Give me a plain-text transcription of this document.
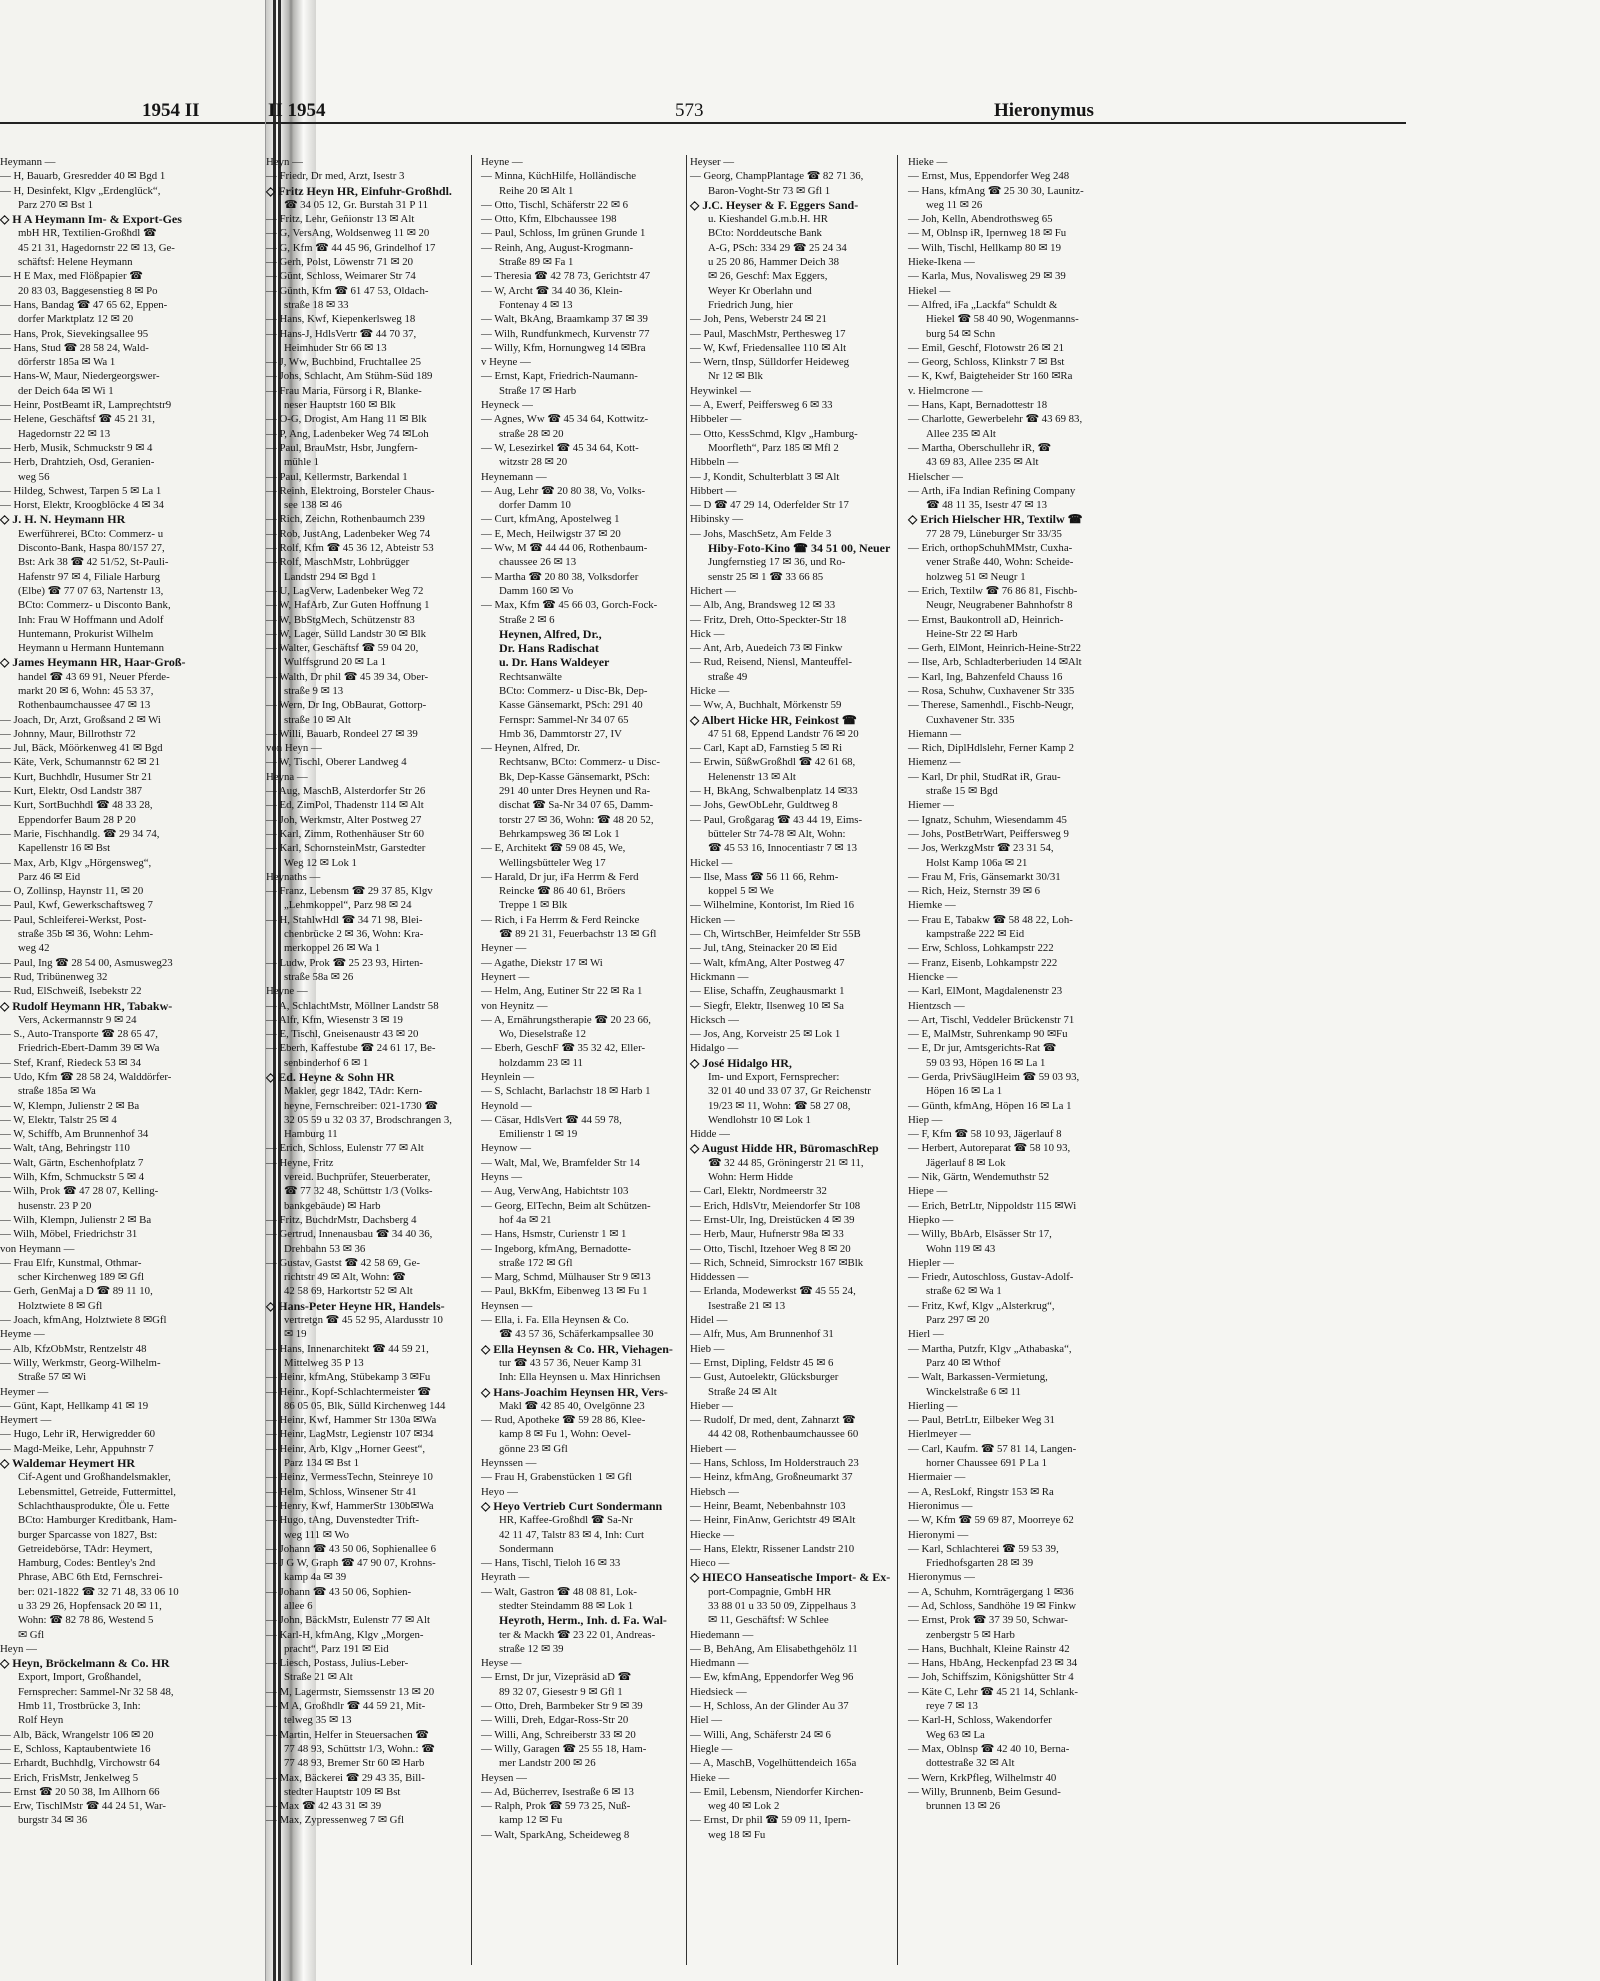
1954 II
Heymann —
— H, Bauarb, Gresredder 40 ✉ Bgd 1
— H, Desinfekt, Klgv „Erdenglück“,
Parz 270 ✉ Bst 1
◇ H A Heymann Im- & Export-Ges
mbH HR, Textilien-Großhdl ☎
45 21 31, Hagedornstr 22 ✉ 13, Ge-
schäftsf: Helene Heymann
— H E Max, med Flößpapier ☎
20 83 03, Baggesenstieg 8 ✉ Po
— Hans, Bandag ☎ 47 65 62, Eppen-
dorfer Marktplatz 12 ✉ 20
— Hans, Prok, Sievekingsallee 95
— Hans, Stud ☎ 28 58 24, Wald-
dörferstr 185a ✉ Wa 1
— Hans-W, Maur, Niedergeorgswer-
der Deich 64a ✉ Wi 1
— Heinr, PostBeamt iR, Lampre̦chtstr9
— Helene, Geschäftsf ☎ 45 21 31,
Hagedornstr 22 ✉ 13
— Herb, Musik, Schmuckstr 9 ✉ 4
— Herb, Drahtzieh, Osd, Geranien-
weg 56
— Hildeg, Schwest, Tarpen 5 ✉ La 1
— Horst, Elektr, Kroogblöcke 4 ✉ 34
◇ J. H. N. Heymann HR
Ewerführerei, BCto: Commerz- u
Disconto-Bank, Haspa 80/157 27,
Bst: Ark 38 ☎ 42 51/52, St-Pauli-
Hafenstr 97 ✉ 4, Filiale Harburg
(Elbe) ☎ 77 07 63, Nartenstr 13,
BCto: Commerz- u Disconto Bank,
Inh: Frau W Hoffmann und Adolf
Huntemann, Prokurist Wilhelm
Heymann u Hermann Huntemann
◇ James Heymann HR, Haar-Groß-
handel ☎ 43 69 91, Neuer Pferde-
markt 20 ✉ 6, Wohn: 45 53 37,
Rothenbaumchaussee 47 ✉ 13
— Joach, Dr, Arzt, Großsand 2 ✉ Wi
— Johnny, Maur, Billrothstr 72
— Jul, Bäck, Möörkenweg 41 ✉ Bgd
— Käte, Verk, Schumannstr 62 ✉ 21
— Kurt, Buchhdlr, Husumer Str 21
— Kurt, Elektr, Osd Landstr 387
— Kurt, SortBuchhdl ☎ 48 33 28,
Eppendorfer Baum 28 P 20
— Marie, Fischhandlg. ☎ 29 34 74,
Kapellenstr 16 ✉ Bst
— Max, Arb, Klgv „Hörgensweg“,
Parz 46 ✉ Eid
— O, Zollinsp, Haynstr 11, ✉ 20
— Paul, Kwf, Gewerkschaftsweg 7
— Paul, Schleiferei-Werkst, Post-
straße 35b ✉ 36, Wohn: Lehm-
weg 42
— Paul, Ing ☎ 28 54 00, Asmusweg23
— Rud, Tribünenweg 32
— Rud, ElSchweiß, Isebekstr 22
◇ Rudolf Heymann HR, Tabakw-
Vers, Ackermannstr 9 ✉ 24
— S., Auto-Transporte ☎ 28 65 47,
Friedrich-Ebert-Damm 39 ✉ Wa
— Stef, Kranf, Riedeck 53 ✉ 34
— Udo, Kfm ☎ 28 58 24, Walddörfer-
straße 185a ✉ Wa
— W, Klempn, Julienstr 2 ✉ Ba
— W, Elektr, Talstr 25 ✉ 4
— W, Schiffb, Am Brunnenhof 34
— Walt, tAng, Behringstr 110
— Walt, Gärtn, Eschenhofplatz 7
— Wilh, Kfm, Schmuckstr 5 ✉ 4
— Wilh, Prok ☎ 47 28 07, Kelling-
husenstr. 23 P 20
— Wilh, Klempn, Julienstr 2 ✉ Ba
— Wilh, Möbel, Friedrichstr 31
von Heymann —
— Frau Elfr, Kunstmal, Othmar-
scher Kirchenweg 189 ✉ Gfl
— Gerh, GenMaj a D ☎ 89 11 10,
Holztwiete 8 ✉ Gfl
— Joach, kfmAng, Holztwiete 8 ✉Gfl
Heyme —
— Alb, KfzObMstr, Rentzelstr 48
— Willy, Werkmstr, Georg-Wilhelm-
Straße 57 ✉ Wi
Heymer —
— Günt, Kapt, Hellkamp 41 ✉ 19
Heymert —
— Hugo, Lehr iR, Herwigredder 60
— Magd-Meike, Lehr, Appuhnstr 7
◇ Waldemar Heymert HR
Cif-Agent und Großhandelsmakler,
Lebensmittel, Getreide, Futtermittel,
Schlachthausprodukte, Öle u. Fette
BCto: Hamburger Kreditbank, Ham-
burger Sparcasse von 1827, Bst:
Getreidebörse, TAdr: Heymert,
Hamburg, Codes: Bentley's 2nd
Phrase, ABC 6th Etd, Fernschrei-
ber: 021-1822 ☎ 32 71 48, 33 06 10
u 33 29 26, Hopfensack 20 ✉ 11,
Wohn: ☎ 82 78 86, Westend 5
✉ Gfl
Heyn —
◇ Heyn, Bröckelmann & Co. HR
Export, Import, Großhandel,
Fernsprecher: Sammel-Nr 32 58 48,
Hmb 11, Trostbrücke 3, Inh:
Rolf Heyn
— Alb, Bäck, Wrangelstr 106 ✉ 20
— E, Schloss, Kaptaubentwiete 16
— Erhardt, Buchhdlg, Virchowstr 64
— Erich, FrisMstr, Jenkelweg 5
— Ernst ☎ 20 50 38, Im Allhorn 66
— Erw, TischlMstr ☎ 44 24 51, War-
burgstr 34 ✉ 36
II 1954	573	Hieronymus
Heyn —
— Friedr, Dr med, Arzt, Isestr 3
◇ Fritz Heyn HR, Einfuhr-Großhdl.
☎ 34 05 12, Gr. Burstah 31 P 11
— Fritz, Lehr, Geñionstr 13 ✉ Alt
— G, VersAng, Woldsenweg 11 ✉ 20
— G, Kfm ☎ 44 45 96, Grindelhof 17
— Gerh, Polst, Löwenstr 71 ✉ 20
— Günt, Schloss, Weimarer Str 74
— Günth, Kfm ☎ 61 47 53, Oldach-
straße 18 ✉ 33
— Hans, Kwf, Kiepenkerlsweg 18
— Hans-J, HdlsVertr ☎ 44 70 37,
Heimhuder Str 66 ✉ 13
— J, Ww, Buchbind, Fruchtallee 25
— Johs, Schlacht, Am Stühm-Süd 189
— Frau Maria, Fürsorg i R, Blanke-
neser Hauptstr 160 ✉ Blk
— O-G, Drogist, Am Hang 11 ✉ Blk
— P, Ang, Ladenbeker Weg 74 ✉Loh
— Paul, BrauMstr, Hsbr, Jungfern-
mühle 1
— Paul, Kellermstr, Barkendal 1
— Reinh, Elektroing, Borsteler Chaus-
see 138 ✉ 46
— Rich, Zeichn, Rothenbaumch 239
— Rob, JustAng, Ladenbeker Weg 74
— Rolf, Kfm ☎ 45 36 12, Abteistr 53
— Rolf, MaschMstr, Lohbrügger
Landstr 294 ✉ Bgd 1
— U, LagVerw, Ladenbeker Weg 72
— W, HafArb, Zur Guten Hoffnung 1
— W, BbStgMech, Schützenstr 83
— W, Lager, Sülld Landstr 30 ✉ Blk
— Walter, Geschäftsf ☎ 59 04 20,
Wulffsgrund 20 ✉ La 1
— Walth, Dr phil ☎ 45 39 34, Ober-
straße 9 ✉ 13
— Wern, Dr Ing, ObBaurat, Gottorp-
straße 10 ✉ Alt
— Willi, Bauarb, Rondeel 27 ✉ 39
von Heyn —
— W, Tischl, Oberer Landweg 4
Heyna —
— Aug, MaschB, Alsterdorfer Str 26
— Ed, ZimPol, Thadenstr 114 ✉ Alt
— Joh, Werkmstr, Alter Postweg 27
— Karl, Zimm, Rothenhäuser Str 60
— Karl, SchornsteinMstr, Garstedter
Weg 12 ✉ Lok 1
Heynaths —
— Franz, Lebensm ☎ 29 37 85, Klgv
„Lehmkoppel“, Parz 98 ✉ 24
— H, StahlwHdl ☎ 34 71 98, Blei-
chenbrücke 2 ✉ 36, Wohn: Kra-
merkoppel 26 ✉ Wa 1
— Ludw, Prok ☎ 25 23 93, Hirten-
straße 58a ✉ 26
Heyne —
— A, SchlachtMstr, Möllner Landstr 58
— Alfr, Kfm, Wiesenstr 3 ✉ 19
— E, Tischl, Gneisenaustr 43 ✉ 20
— Eberh, Kaffestube ☎ 24 61 17, Be-
senbinderhof 6 ✉ 1
◇ Ed. Heyne & Sohn HR
Makler, gegr 1842, TAdr: Kern-
heyne, Fernschreiber: 021-1730 ☎
32 05 59 u 32 03 37, Brodschrangen 3,
Hamburg 11
— Erich, Schloss, Eulenstr 77 ✉ Alt
— Heyne, Fritz
vereid. Buchprüfer, Steuerberater,
☎ 77 32 48, Schüttstr 1/3 (Volks-
bankgebäude) ✉ Harb
— Fritz, BuchdrMstr, Dachsberg 4
— Gertrud, Innenausbau ☎ 34 40 36,
Drehbahn 53 ✉ 36
— Gustav, Gastst ☎ 42 58 69, Ge-
richtstr 49 ✉ Alt, Wohn: ☎
42 58 69, Harkortstr 52 ✉ Alt
◇ Hans-Peter Heyne HR, Handels-
vertretgn ☎ 45 52 95, Alardusstr 10
✉ 19
— Hans, Innenarchitekt ☎ 44 59 21,
Mittelweg 35 P 13
— Heinr, kfmAng, Stübekamp 3 ✉Fu
— Heinr., Kopf-Schlachtermeister ☎
86 05 05, Blk, Sülld Kirchenweg 144
— Heinr, Kwf, Hammer Str 130a ✉Wa
— Heinr, LagMstr, Legienstr 107 ✉34
— Heinr, Arb, Klgv „Horner Geest“,
Parz 134 ✉ Bst 1
— Heinz, VermessTechn, Steinreye 10
— Helm, Schloss, Winsener Str 41
— Henry, Kwf, HammerStr 130b✉Wa
— Hugo, tAng, Duvenstedter Trift-
weg 111 ✉ Wo
— Johann ☎ 43 50 06, Sophienallee 6
— J G W, Graph ☎ 47 90 07, Krohns-
kamp 4a ✉ 39
— Johann ☎ 43 50 06, Sophien-
allee 6
— John, BäckMstr, Eulenstr 77 ✉ Alt
— Karl-H, kfmAng, Klgv „Morgen-
pracht“, Parz 191 ✉ Eid
— Liesch, Postass, Julius-Leber-
Straße 21 ✉ Alt
— M, Lagermstr, Siemssenstr 13 ✉ 20
— M A, Großhdlr ☎ 44 59 21, Mit-
telweg 35 ✉ 13
— Martin, Helfer in Steuersachen ☎
77 48 93, Schüttstr 1/3, Wohn.: ☎
77 48 93, Bremer Str 60 ✉ Harb
— Max, Bäckerei ☎ 29 43 35, Bill-
stedter Hauptstr 109 ✉ Bst
— Max ☎ 42 43 31 ✉ 39
— Max, Zypressenweg 7 ✉ Gfl
Heyne —
— Minna, KüchHilfe, Holländische
Reihe 20 ✉ Alt 1
— Otto, Tischl, Schäferstr 22 ✉ 6
— Otto, Kfm, Elbchaussee 198
— Paul, Schloss, Im grünen Grunde 1
— Reinh, Ang, August-Krogmann-
Straße 89 ✉ Fa 1
— Theresia ☎ 42 78 73, Gerichtstr 47
— W, Archt ☎ 34 40 36, Klein-
Fontenay 4 ✉ 13
— Walt, BkAng, Braamkamp 37 ✉ 39
— Wilh, Rundfunkmech, Kurvenstr 77
— Willy, Kfm, Hornungweg 14 ✉Bra
v Heyne —
— Ernst, Kapt, Friedrich-Naumann-
Straße 17 ✉ Harb
Heyneck —
— Agnes, Ww ☎ 45 34 64, Kottwitz-
straße 28 ✉ 20
— W, Lesezirkel ☎ 45 34 64, Kott-
witzstr 28 ✉ 20
Heynemann —
— Aug, Lehr ☎ 20 80 38, Vo, Volks-
dorfer Damm 10
— Curt, kfmAng, Apostelweg 1
— E, Mech, Heilwigstr 37 ✉ 20
— Ww, M ☎ 44 44 06, Rothenbaum-
chaussee 26 ✉ 13
— Martha ☎ 20 80 38, Volksdorfer
Damm 160 ✉ Vo
— Max, Kfm ☎ 45 66 03, Gorch-Fock-
Straße 2 ✉ 6
Heynen, Alfred, Dr.,
Dr. Hans Radischat
u. Dr. Hans Waldeyer
Rechtsanwälte
BCto: Commerz- u Disc-Bk, Dep-
Kasse Gänsemarkt, PSch: 291 40
Fernspr: Sammel-Nr 34 07 65
Hmb 36, Dammtorstr 27, IV
— Heynen, Alfred, Dr.
Rechtsanw, BCto: Commerz- u Disc-
Bk, Dep-Kasse Gänsemarkt, PSch:
291 40 unter Dres Heynen und Ra-
dischat ☎ Sa-Nr 34 07 65, Damm-
torstr 27 ✉ 36, Wohn: ☎ 48 20 52,
Behrkampsweg 36 ✉ Lok 1
— E, Architekt ☎ 59 08 45, We,
Wellingsbütteler Weg 17
— Harald, Dr jur, iFa Herrm & Ferd
Reincke ☎ 86 40 61, Bröers
Treppe 1 ✉ Blk
— Rich, i Fa Herrm & Ferd Reincke
☎ 89 21 31, Feuerbachstr 13 ✉ Gfl
Heyner —
— Agathe, Diekstr 17 ✉ Wi
Heynert —
— Helm, Ang, Eutiner Str 22 ✉ Ra 1
von Heynitz —
— A, Ernährungstherapie ☎ 20 23 66,
Wo, Dieselstraße 12
— Eberh, GeschF ☎ 35 32 42, Eller-
holzdamm 23 ✉ 11
Heynlein —
— S, Schlacht, Barlachstr 18 ✉ Harb 1
Heynold —
— Cäsar, HdlsVert ☎ 44 59 78,
Emilienstr 1 ✉ 19
Heynow —
— Walt, Mal, We, Bramfelder Str 14
Heyns —
— Aug, VerwAng, Habichtstr 103
— Georg, ElTechn, Beim alt Schützen-
hof 4a ✉ 21
— Hans, Hsmstr, Curienstr 1 ✉ 1
— Ingeborg, kfmAng, Bernadotte-
straße 172 ✉ Gfl
— Marg, Schmd, Mülhauser Str 9 ✉13
— Paul, BkKfm, Eibenweg 13 ✉ Fu 1
Heynsen —
— Ella, i. Fa. Ella Heynsen & Co.
☎ 43 57 36, Schäferkampsallee 30
◇ Ella Heynsen & Co. HR, Viehagen-
tur ☎ 43 57 36, Neuer Kamp 31
Inh: Ella Heynsen u. Max Hinrichsen
◇ Hans-Joachim Heynsen HR, Vers-
Makl ☎ 42 85 40, Ovelgönne 23
— Rud, Apotheke ☎ 59 28 86, Klee-
kamp 8 ✉ Fu 1, Wohn: Oevel-
gönne 23 ✉ Gfl
Heynssen —
— Frau H, Grabenstücken 1 ✉ Gfl
Heyo —
◇ Heyo Vertrieb Curt Sondermann
HR, Kaffee-Großhdl ☎ Sa-Nr
42 11 47, Talstr 83 ✉ 4, Inh: Curt
Sondermann
— Hans, Tischl, Tieloh 16 ✉ 33
Heyrath —
— Walt, Gastron ☎ 48 08 81, Lok-
stedter Steindamm 88 ✉ Lok 1
Heyroth, Herm., Inh. d. Fa. Wal-
ter & Mackh ☎ 23 22 01, Andreas-
straße 12 ✉ 39
Heyse —
— Ernst, Dr jur, Vizepräsid aD ☎
89 32 07, Giesestr 9 ✉ Gfl 1
— Otto, Dreh, Barmbeker Str 9 ✉ 39
— Willi, Dreh, Edgar-Ross-Str 20
— Willi, Ang, Schreiberstr 33 ✉ 20
— Willy, Garagen ☎ 25 55 18, Ham-
mer Landstr 200 ✉ 26
Heysen —
— Ad, Bücherrev, Isestraße 6 ✉ 13
— Ralph, Prok ☎ 59 73 25, Nuß-
kamp 12 ✉ Fu
— Walt, SparkAng, Scheideweg 8
Heyser —
— Georg, ChampPlantage ☎ 82 71 36,
Baron-Voght-Str 73 ✉ Gfl 1
◇ J.C. Heyser & F. Eggers Sand-
u. Kieshandel G.m.b.H. HR
BCto: Norddeutsche Bank
A-G, PSch: 334 29 ☎ 25 24 34
u 25 20 86, Hammer Deich 38
✉ 26, Geschf: Max Eggers,
Weyer Kr Oberlahn und
Friedrich Jung, hier
— Joh, Pens, Weberstr 24 ✉ 21
— Paul, MaschMstr, Perthesweg 17
— W, Kwf, Friedensallee 110 ✉ Alt
— Wern, tInsp, Sülldorfer Heideweg
Nr 12 ✉ Blk
Heywinkel —
— A, Ewerf, Peiffersweg 6 ✉ 33
Hibbeler —
— Otto, KessSchmd, Klgv „Hamburg-
Moorfleth“, Parz 185 ✉ Mfl 2
Hibbeln —
— J, Kondit, Schulterblatt 3 ✉ Alt
Hibbert —
— D ☎ 47 29 14, Oderfelder Str 17
Hibinsky —
— Johs, MaschSetz, Am Felde 3
Hiby-Foto-Kino ☎ 34 51 00, Neuer
Jungfernstieg 17 ✉ 36, und Ro-
senstr 25 ✉ 1 ☎ 33 66 85
Hichert —
— Alb, Ang, Brandsweg 12 ✉ 33
— Fritz, Dreh, Otto-Speckter-Str 18
Hick —
— Ant, Arb, Auedeich 73 ✉ Finkw
— Rud, Reisend, Niensl, Manteuffel-
straße 49
Hicke —
— Ww, A, Buchhalt, Mörkenstr 59
◇ Albert Hicke HR, Feinkost ☎
47 51 68, Eppend Landstr 76 ✉ 20
— Carl, Kapt aD, Farnstieg 5 ✉ Ri
— Erwin, SüßwGroßhdl ☎ 42 61 68,
Helenenstr 13 ✉ Alt
— H, BkAng, Schwalbenplatz 14 ✉33
— Johs, GewObLehr, Guldtweg 8
— Paul, Großgarag ☎ 43 44 19, Eims-
bütteler Str 74-78 ✉ Alt, Wohn:
☎ 45 53 16, Innocentiastr 7 ✉ 13
Hickel —
— Ilse, Mass ☎ 56 11 66, Rehm-
koppel 5 ✉ We
— Wilhelmine, Kontorist, Im Ried 16
Hicken —
— Ch, WirtschBer, Heimfelder Str 55B
— Jul, tAng, Steinacker 20 ✉ Eid
— Walt, kfmAng, Alter Postweg 47
Hickmann —
— Elise, Schaffn, Zeughausmarkt 1
— Siegfr, Elektr, Ilsenweg 10 ✉ Sa
Hicksch —
— Jos, Ang, Korveistr 25 ✉ Lok 1
Hidalgo —
◇ José Hidalgo HR,
Im- und Export, Fernsprecher:
32 01 40 und 33 07 37, Gr Reichenstr
19/23 ✉ 11, Wohn: ☎ 58 27 08,
Wendlohstr 10 ✉ Lok 1
Hidde —
◇ August Hidde HR, BüromaschRep
☎ 32 44 85, Gröningerstr 21 ✉ 11,
Wohn: Herm Hidde
— Carl, Elektr, Nordmeerstr 32
— Erich, HdlsVtr, Meiendorfer Str 108
— Ernst-Ulr, Ing, Dreistücken 4 ✉ 39
— Herb, Maur, Hufnerstr 98a ✉ 33
— Otto, Tischl, Itzehoer Weg 8 ✉ 20
— Rich, Schneid, Simrockstr 167 ✉Blk
Hiddessen —
— Erlanda, Modewerkst ☎ 45 55 24,
Isestraße 21 ✉ 13
Hidel —
— Alfr, Mus, Am Brunnenhof 31
Hieb —
— Ernst, Dipling, Feldstr 45 ✉ 6
— Gust, Autoelektr, Glücksburger
Straße 24 ✉ Alt
Hieber —
— Rudolf, Dr med, dent, Zahnarzt ☎
44 42 08, Rothenbaumchaussee 60
Hiebert —
— Hans, Schloss, Im Holderstrauch 23
— Heinz, kfmAng, Großneumarkt 37
Hiebsch —
— Heinr, Beamt, Nebenbahnstr 103
— Heinr, FinAnw, Gerichtstr 49 ✉Alt
Hiecke —
— Hans, Elektr, Rissener Landstr 210
Hieco —
◇ HIECO Hanseatische Import- & Ex-
port-Compagnie, GmbH HR
33 88 01 u 33 50 09, Zippelhaus 3
✉ 11, Geschäftsf: W Schlee
Hiedemann —
— B, BehAng, Am Elisabethgehölz 11
Hiedmann —
— Ew, kfmAng, Eppendorfer Weg 96
Hiedsieck —
— H, Schloss, An der Glinder Au 37
Hiel —
— Willi, Ang, Schäferstr 24 ✉ 6
Hiegle —
— A, MaschB, Vogelhüttendeich 165a
Hieke —
— Emil, Lebensm, Niendorfer Kirchen-
weg 40 ✉ Lok 2
— Ernst, Dr phil ☎ 59 09 11, Ipern-
weg 18 ✉ Fu
Hieke —
— Ernst, Mus, Eppendorfer Weg 248
— Hans, kfmAng ☎ 25 30 30, Launitz-
weg 11 ✉ 26
— Joh, Kelln, Abendrothsweg 65
— M, Oblnsp iR, Ipernweg 18 ✉ Fu
— Wilh, Tischl, Hellkamp 80 ✉ 19
Hieke-Ikena —
— Karla, Mus, Novalisweg 29 ✉ 39
Hiekel —
— Alfred, iFa „Lackfa“ Schuldt &
Hiekel ☎ 58 40 90, Wogenmanns-
burg 54 ✉ Schn
— Emil, Geschf, Flotowstr 26 ✉ 21
— Georg, Schloss, Klinkstr 7 ✉ Bst
— K, Kwf, Baigteheider Str 160 ✉Ra
v. Hielmcrone —
— Hans, Kapt, Bernadottestr 18
— Charlotte, Gewerbelehr ☎ 43 69 83,
Allee 235 ✉ Alt
— Martha, Oberschullehr iR, ☎
43 69 83, Allee 235 ✉ Alt
Hielscher —
— Arth, iFa Indian Refining Company
☎ 48 11 35, Isestr 47 ✉ 13
◇ Erich Hielscher HR, Textilw ☎
77 28 79, Lüneburger Str 33/35
— Erich, orthopSchuhMMstr, Cuxha-
vener Straße 440, Wohn: Scheide-
holzweg 51 ✉ Neugr 1
— Erich, Textilw ☎ 76 86 81, Fischb-
Neugr, Neugrabener Bahnhofstr 8
— Ernst, Baukontroll aD, Heinrich-
Heine-Str 22 ✉ Harb
— Gerh, ElMont, Heinrich-Heine-Str22
— Ilse, Arb, Schladterberiuden 14 ✉Alt
— Karl, Ing, Bahzenfeld Chauss 16
— Rosa, Schuhw, Cuxhavener Str 335
— Therese, Samenhdl., Fischb-Neugr,
Cuxhavener Str. 335
Hiemann —
— Rich, DiplHdlslehr, Ferner Kamp 2
Hiemenz —
— Karl, Dr phil, StudRat iR, Grau-
straße 15 ✉ Bgd
Hiemer —
— Ignatz, Schuhm, Wiesendamm 45
— Johs, PostBetrWart, Peiffersweg 9
— Jos, WerkzgMstr ☎ 23 31 54,
Holst Kamp 106a ✉ 21
— Frau M, Fris, Gänsemarkt 30/31
— Rich, Heiz, Sternstr 39 ✉ 6
Hiemke —
— Frau E, Tabakw ☎ 58 48 22, Loh-
kampstraße 222 ✉ Eid
— Erw, Schloss, Lohkampstr 222
— Franz, Eisenb, Lohkampstr 222
Hiencke —
— Karl, ElMont, Magdalenenstr 23
Hientzsch —
— Art, Tischl, Veddeler Brückenstr 71
— E, MalMstr, Suhrenkamp 90 ✉Fu
— E, Dr jur, Amtsgerichts-Rat ☎
59 03 93, Höpen 16 ✉ La 1
— Gerda, PrivSäuglHeim ☎ 59 03 93,
Höpen 16 ✉ La 1
— Günth, kfmAng, Höpen 16 ✉ La 1
Hiep —
— F, Kfm ☎ 58 10 93, Jägerlauf 8
— Herbert, Autoreparat ☎ 58 10 93,
Jägerlauf 8 ✉ Lok
— Nik, Gärtn, Wendemuthstr 52
Hiepe —
— Erich, BetrLtr, Nippoldstr 115 ✉Wi
Hiepko —
— Willy, BbArb, Elsässer Str 17,
Wohn 119 ✉ 43
Hiepler —
— Friedr, Autoschloss, Gustav-Adolf-
straße 62 ✉ Wa 1
— Fritz, Kwf, Klgv „Alsterkrug“,
Parz 297 ✉ 20
Hierl —
— Martha, Putzfr, Klgv „Athabaska“,
Parz 40 ✉ Wthof
— Walt, Barkassen-Vermietung,
Winckelstraße 6 ✉ 11
Hierling —
— Paul, BetrLtr, Eilbeker Weg 31
Hierlmeyer —
— Carl, Kaufm. ☎ 57 81 14, Langen-
horner Chaussee 691 P La 1
Hiermaier —
— A, ResLokf, Ringstr 153 ✉ Ra
Hieronimus —
— W, Kfm ☎ 59 69 87, Moorreye 62
Hieronymi —
— Karl, Schlachterei ☎ 59 53 39,
Friedhofsgarten 28 ✉ 39
Hieronymus —
— A, Schuhm, Kornträgergang 1 ✉36
— Ad, Schloss, Sandhöhe 19 ✉ Finkw
— Ernst, Prok ☎ 37 39 50, Schwar-
zenbergstr 5 ✉ Harb
— Hans, Buchhalt, Kleine Rainstr 42
— Hans, HbAng, Heckenpfad 23 ✉ 34
— Joh, Schiffszim, Königshütter Str 4
— Käte C, Lehr ☎ 45 21 14, Schlank-
reye 7 ✉ 13
— Karl-H, Schloss, Wakendorfer
Weg 63 ✉ La
— Max, Oblnsp ☎ 42 40 10, Berna-
dottestraße 32 ✉ Alt
— Wern, KrkPfleg, Wilhelmstr 40
— Willy, Brunnenb, Beim Gesund-
brunnen 13 ✉ 26
